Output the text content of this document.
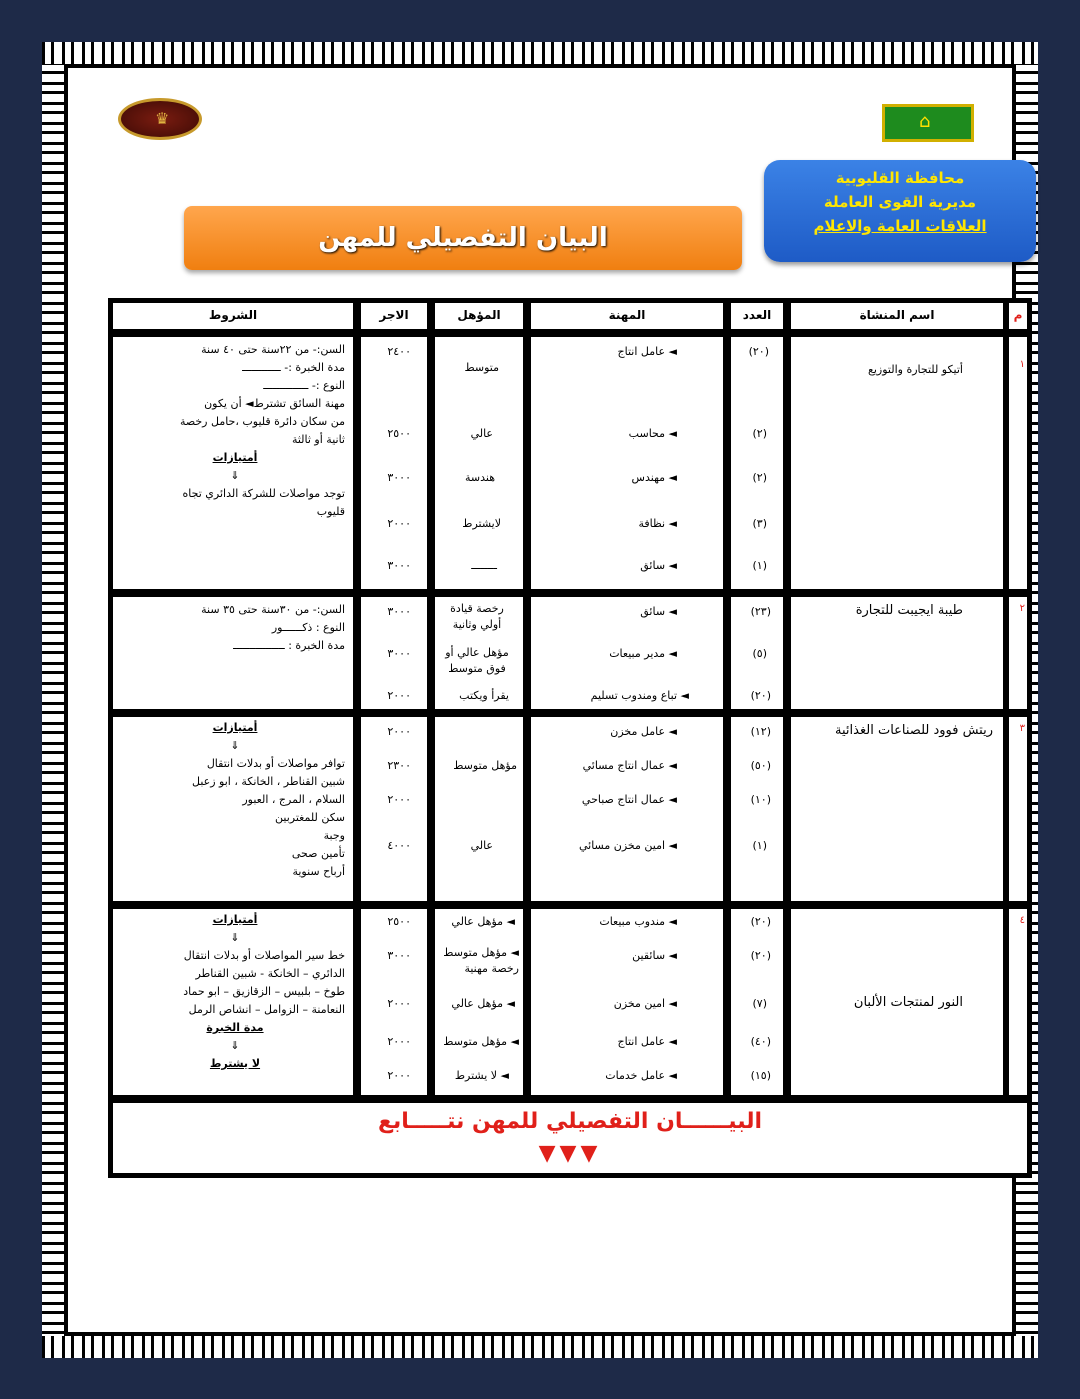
♛	⌂
محافظة القليوبية
مديرية القوى العاملة
العلاقات العامة والاعلام
البيان التفصيلي للمهن
م
اسم المنشاة
العدد
المهنة
المؤهل
الاجر
الشروط
١
أتيكو للتجارة والتوزيع
(٢٠)
(٢)
(٢)
(٣)
(١)
◄ عامل انتاج
◄ محاسب
◄ مهندس
◄ نظافة
◄ سائق
متوسط
عالي
هندسة
لايشترط
ــــــــ
٢٤٠٠
٢٥٠٠
٣٠٠٠
٢٠٠٠
٣٠٠٠
السن:- من ٢٢سنة حتى ٤٠ سنة
مدة الخبرة :- ــــــــــــ
النوع :- ــــــــــــــ
مهنة السائق تشترط◄ أن يكون
من سكان دائرة قليوب ،حامل رخصة
ثانية أو ثالثة
أمتيازات
⇓
توجد مواصلات للشركة الدائري تجاه
قليوب
٢
طيبة ايجيبت للتجارة
(٢٣)
(٥)
(٢٠)
◄ سائق
◄ مدير مبيعات
◄ تباع ومندوب تسليم
رخصة قيادة أولي وثانية
مؤهل عالي أو فوق متوسط
يقرأ ويكتب
٣٠٠٠
٣٠٠٠
٢٠٠٠
السن:- من ٣٠سنة حتى ٣٥ سنة
النوع : ذكــــــور
مدة الخبرة : ــــــــــــــــ
٣
ريتش فوود للصناعات الغذائية
(١٢)
(٥٠)
(١٠)
(١)
◄ عامل مخزن
◄ عمال انتاج مسائي
◄ عمال انتاج صباحي
◄ امين مخزن مسائي
مؤهل متوسط
عالي
٢٠٠٠
٢٣٠٠
٢٠٠٠
٤٠٠٠
أمتيازات
⇓
توافر مواصلات أو بدلات انتقال
شبين القناطر ، الخانكة ، ابو زعبل
السلام ، المرج ، العبور
سكن للمغتربين
وجبة
تأمين صحى
أرباح سنوية
٤
النور لمنتجات الألبان
(٢٠)
(٢٠)
(٧)
(٤٠)
(١٥)
◄ مندوب مبيعات
◄ سائقين
◄ امين مخزن
◄ عامل انتاج
◄ عامل خدمات
◄ مؤهل عالي
◄ مؤهل متوسط رخصة مهنية
◄ مؤهل عالي
◄ مؤهل متوسط
◄ لا يشترط
٢٥٠٠
٣٠٠٠
٢٠٠٠
٢٠٠٠
٢٠٠٠
أمتيازات
⇓
خط سير المواصلات أو بدلات انتقال
الدائري – الخانكة - شبين القناطر
طوخ – بلبيس – الزقازيق – ابو حماد
النعامنة – الزوامل – انشاص الرمل
مدة الخبرة
⇓
لا يشترط
البيــــــان التفصيلي للمهن نتـــــابع
▼▼▼
